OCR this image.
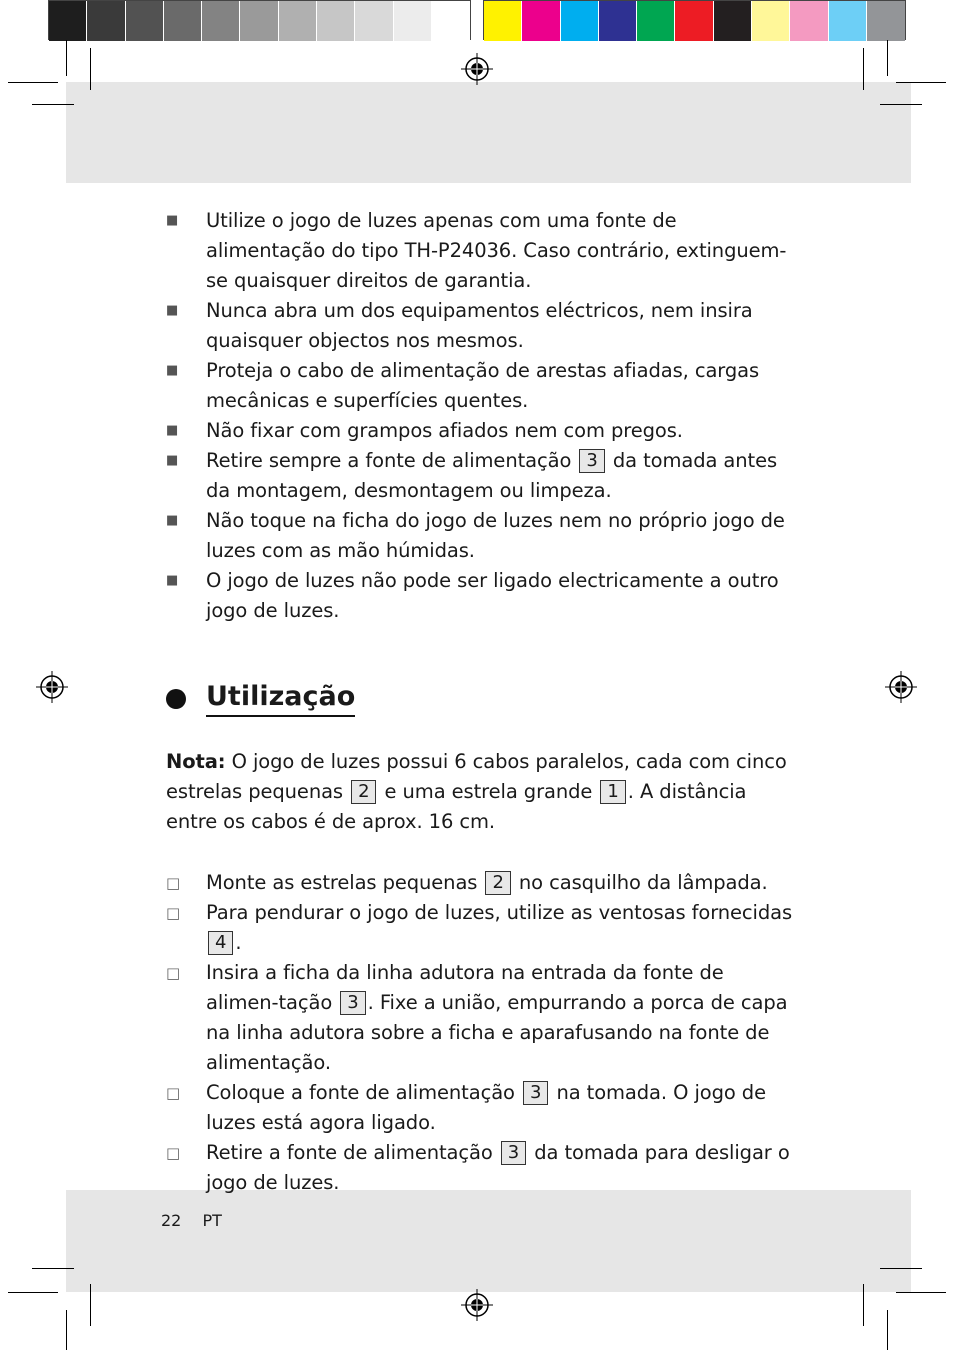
■
Utilize o jogo de luzes apenas com uma fonte de alimentação do tipo TH-P24036. Caso contrário, extinguem-se quaisquer direitos de garantia.
■
Nunca abra um dos equipamentos eléctricos, nem insira quaisquer objectos nos mesmos.
■
Proteja o cabo de alimentação de arestas afiadas, cargas mecânicas e superfícies quentes.
■
Não fixar com grampos afiados nem com pregos.
■
Retire sempre a fonte de alimentação 3 da tomada antes da montagem, desmontagem ou limpeza.
■
Não toque na ficha do jogo de luzes nem no próprio jogo de luzes com as mão húmidas.
■
O jogo de luzes não pode ser ligado electricamente a outro jogo de luzes.
Utilização
Nota: O jogo de luzes possui 6 cabos paralelos, cada com cinco estrelas pequenas 2 e uma estrela grande 1 . A distância entre os cabos é de aprox. 16 cm.
□
Monte as estrelas pequenas 2 no casquilho da lâmpada.
□
Para pendurar o jogo de luzes, utilize as ventosas fornecidas 4 .
□
Insira a ficha da linha adutora na entrada da fonte de alimen-tação 3 . Fixe a união, empurrando a porca de capa na linha adutora sobre a ficha e aparafusando na fonte de alimentação.
□
Coloque a fonte de alimentação 3 na tomada. O jogo de luzes está agora ligado.
□
Retire a fonte de alimentação 3 da tomada para desligar o jogo de luzes.
22 PT
